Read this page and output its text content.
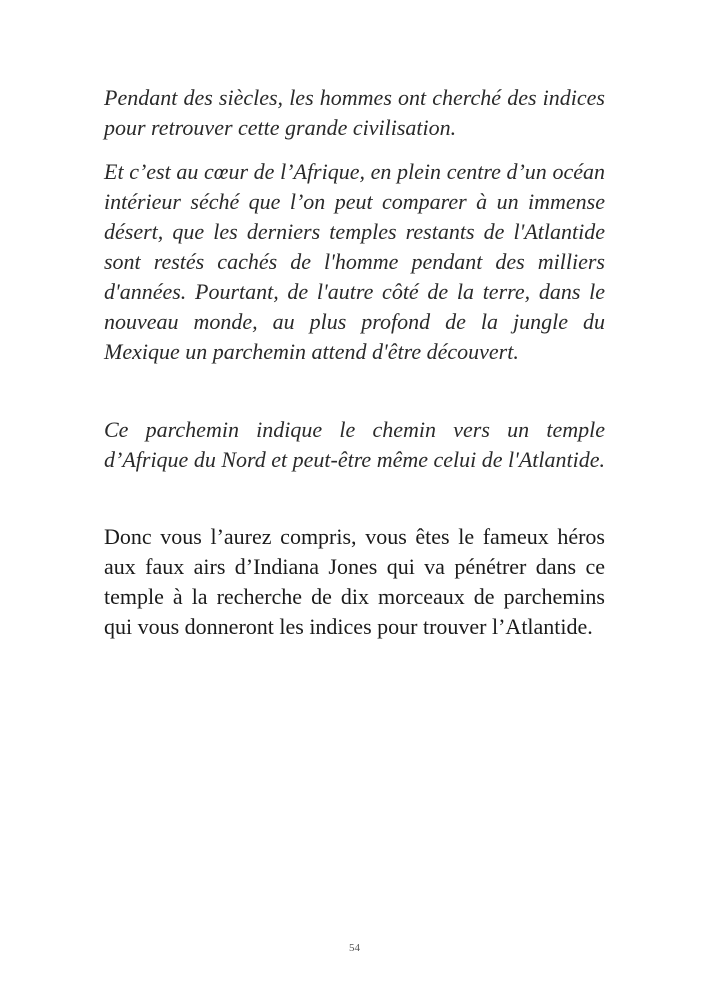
Pendant des siècles, les hommes ont cherché des indices pour retrouver cette grande civilisation.

Et c’est au cœur de l’Afrique, en plein centre d’un océan intérieur séché que l’on peut comparer à un immense désert, que les derniers temples restants de l'Atlantide sont restés cachés de l'homme pendant des milliers d'années. Pourtant, de l'autre côté de la terre, dans le nouveau monde, au plus profond de la jungle du Mexique un parchemin attend d'être découvert.

Ce parchemin indique le chemin vers un temple d’Afrique du Nord et peut-être même celui de l'Atlantide.

Donc vous l’aurez compris, vous êtes le fameux héros aux faux airs d’Indiana Jones qui va pénétrer dans ce temple à la recherche de dix morceaux de parchemins qui vous donneront les indices pour trouver l’Atlantide.

54
